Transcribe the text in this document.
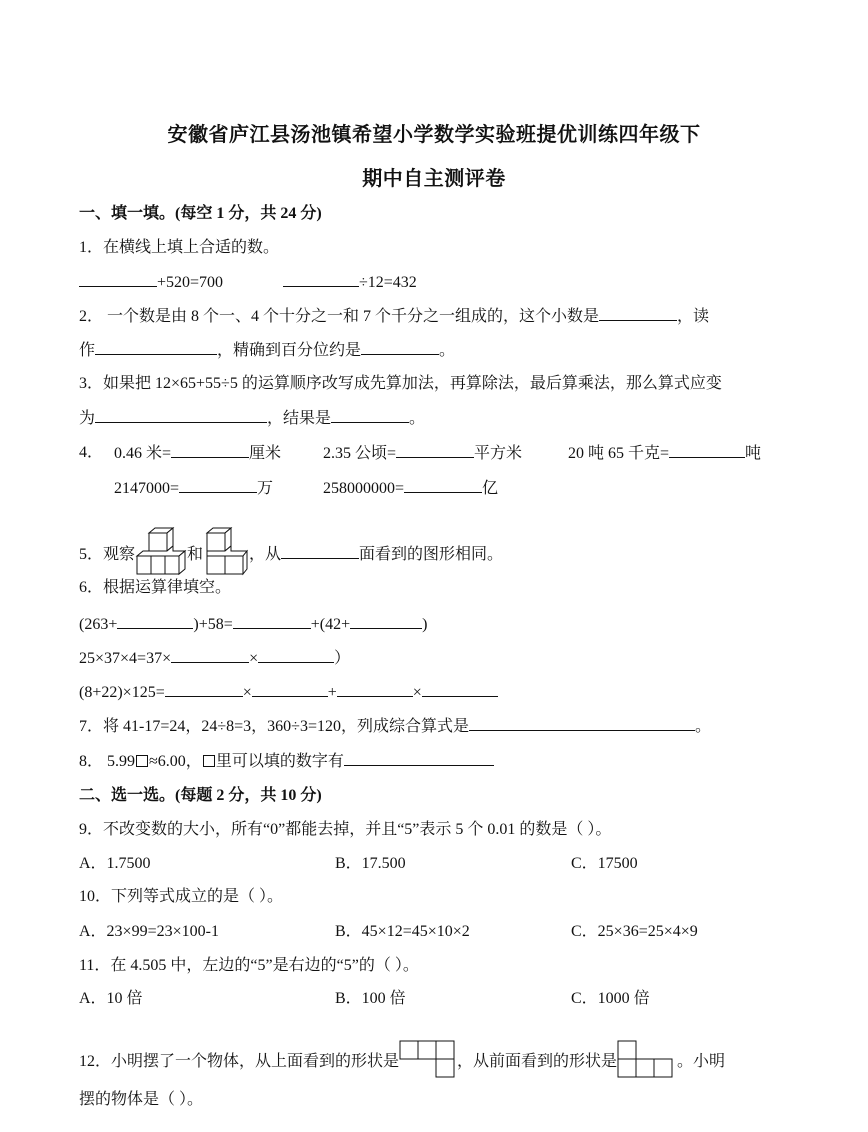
安徽省庐江县汤池镇希望小学数学实验班提优训练四年级下
期中自主测评卷
一、填一填。(每空 1 分，共 24 分)
1．在横线上填上合适的数。
+520=700	÷12=432
2． 一个数是由 8 个一、4 个十分之一和 7 个千分之一组成的，这个小数是	，读
作	，精确到百分位约是	。
3．如果把 12×65+55÷5 的运算顺序改写成先算加法，再算除法，最后算乘法，那么算式应变
为	，结果是	。
4． 0.46 米=	厘米	2.35 公顷=	平方米	20 吨 65 千克=	吨
2147000=	万	258000000=	亿
5．观察	和	，从	面看到的图形相同。
6．根据运算律填空。
(263+	)+58=	+(42+	)
25×37×4=37×	×	）
(8+22)×125=	×	+	×
7．将 41-17=24，24÷8=3，360÷3=120，列成综合算式是	。
8． 5.99 ≈6.00， 里可以填的数字有
二、选一选。(每题 2 分，共 10 分)
9．不改变数的大小，所有“0”都能去掉，并且“5”表示 5 个 0.01 的数是（ ）。
A．1.7500	B．17.500	C．17500
10．下列等式成立的是（ ）。
A．23×99=23×100-1	B．45×12=45×10×2	C．25×36=25×4×9
11．在 4.505 中，左边的“5”是右边的“5”的（ ）。
A．10 倍	B．100 倍	C．1000 倍
12．小明摆了一个物体，从上面看到的形状是	，从前面看到的形状是	。小明
摆的物体是（ ）。
